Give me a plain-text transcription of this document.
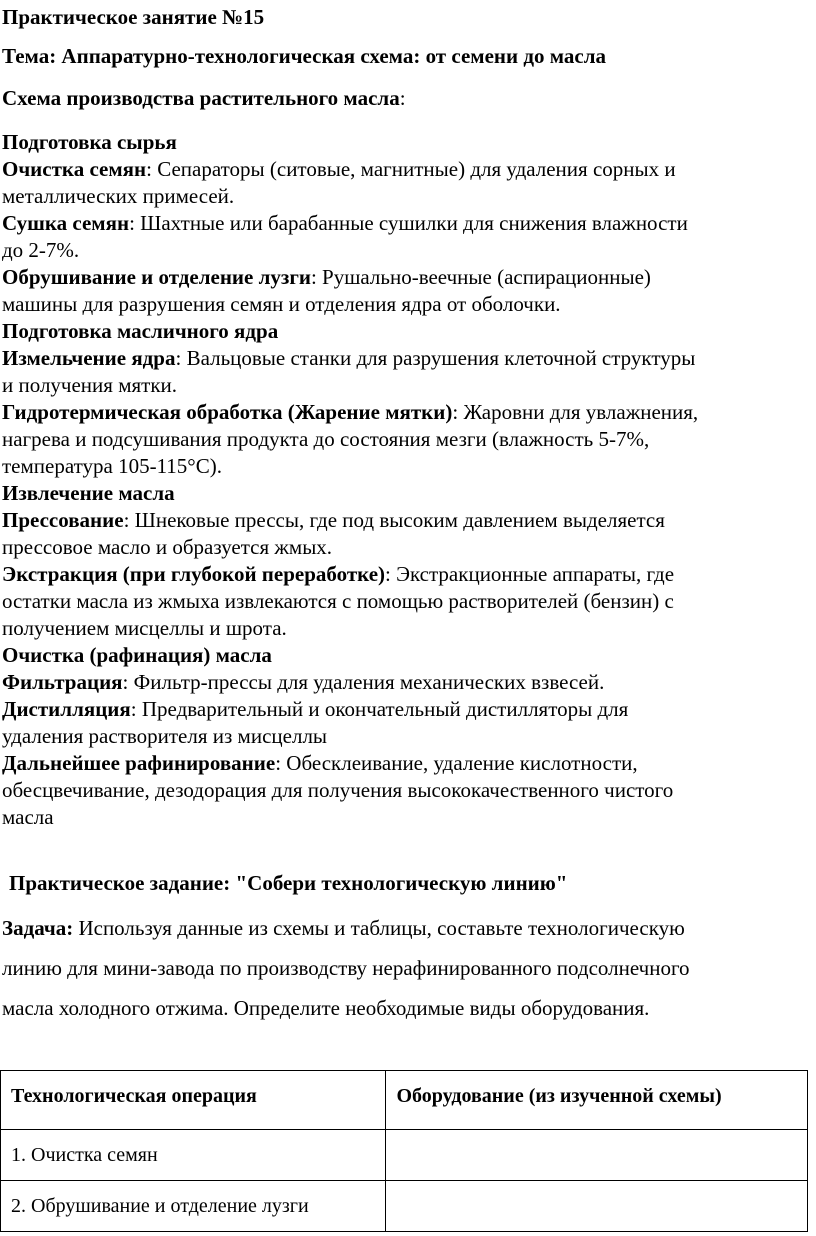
Практическое занятие №15
Тема: Аппаратурно-технологическая схема: от семени до масла
Схема производства растительного масла:
Подготовка сырья
Очистка семян: Сепараторы (ситовые, магнитные) для удаления сорных и
металлических примесей.
Сушка семян: Шахтные или барабанные сушилки для снижения влажности
до 2-7%.
Обрушивание и отделение лузги: Рушально-веечные (аспирационные)
машины для разрушения семян и отделения ядра от оболочки.
Подготовка масличного ядра
Измельчение ядра: Вальцовые станки для разрушения клеточной структуры
и получения мятки.
Гидротермическая обработка (Жарение мятки): Жаровни для увлажнения,
нагрева и подсушивания продукта до состояния мезги (влажность 5-7%,
температура 105-115°C).
Извлечение масла
Прессование: Шнековые прессы, где под высоким давлением выделяется
прессовое масло и образуется жмых.
Экстракция (при глубокой переработке): Экстракционные аппараты, где
остатки масла из жмыха извлекаются с помощью растворителей (бензин) с
получением мисцеллы и шрота.
Очистка (рафинация) масла
Фильтрация: Фильтр-прессы для удаления механических взвесей.
Дистилляция: Предварительный и окончательный дистилляторы для
удаления растворителя из мисцеллы
Дальнейшее рафинирование: Обесклеивание, удаление кислотности,
обесцвечивание, дезодорация для получения высококачественного чистого
масла
Практическое задание: "Собери технологическую линию"
Задача: Используя данные из схемы и таблицы, составьте технологическую
линию для мини-завода по производству нерафинированного подсолнечного
масла холодного отжима. Определите необходимые виды оборудования.
Технологическая операция	Оборудование (из изученной схемы)
1. Очистка семян	
2. Обрушивание и отделение лузги	
